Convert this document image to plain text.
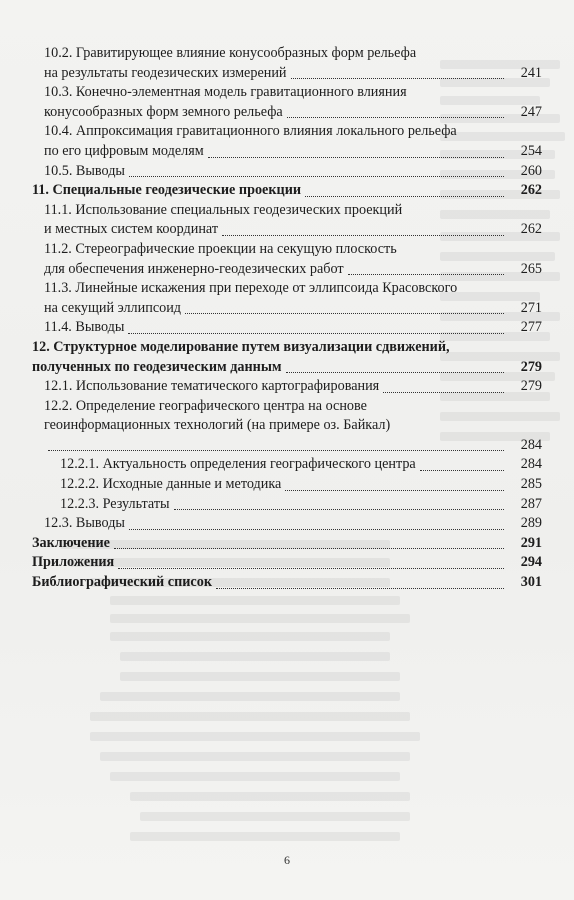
10.2. Гравитирующее влияние конусообразных форм рельефа
на результаты геодезических измерений	241
10.3. Конечно-элементная модель гравитационного влияния
конусообразных форм земного рельефа	247
10.4. Аппроксимация гравитационного влияния локального рельефа
по его цифровым моделям	254
10.5. Выводы	260
11. Специальные геодезические проекции	262
11.1. Использование специальных геодезических проекций
и местных систем координат	262
11.2. Стереографические проекции на секущую плоскость
для обеспечения инженерно-геодезических работ	265
11.3. Линейные искажения при переходе от эллипсоида Красовского
на секущий эллипсоид	271
11.4. Выводы	277
12. Структурное моделирование путем визуализации сдвижений,
полученных по геодезическим данным	279
12.1. Использование тематического картографирования	279
12.2. Определение географического центра на основе
геоинформационных технологий (на примере оз. Байкал)
284
12.2.1. Актуальность определения географического центра	284
12.2.2. Исходные данные и методика	285
12.2.3. Результаты	287
12.3. Выводы	289
Заключение	291
Приложения	294
Библиографический список	301
6
